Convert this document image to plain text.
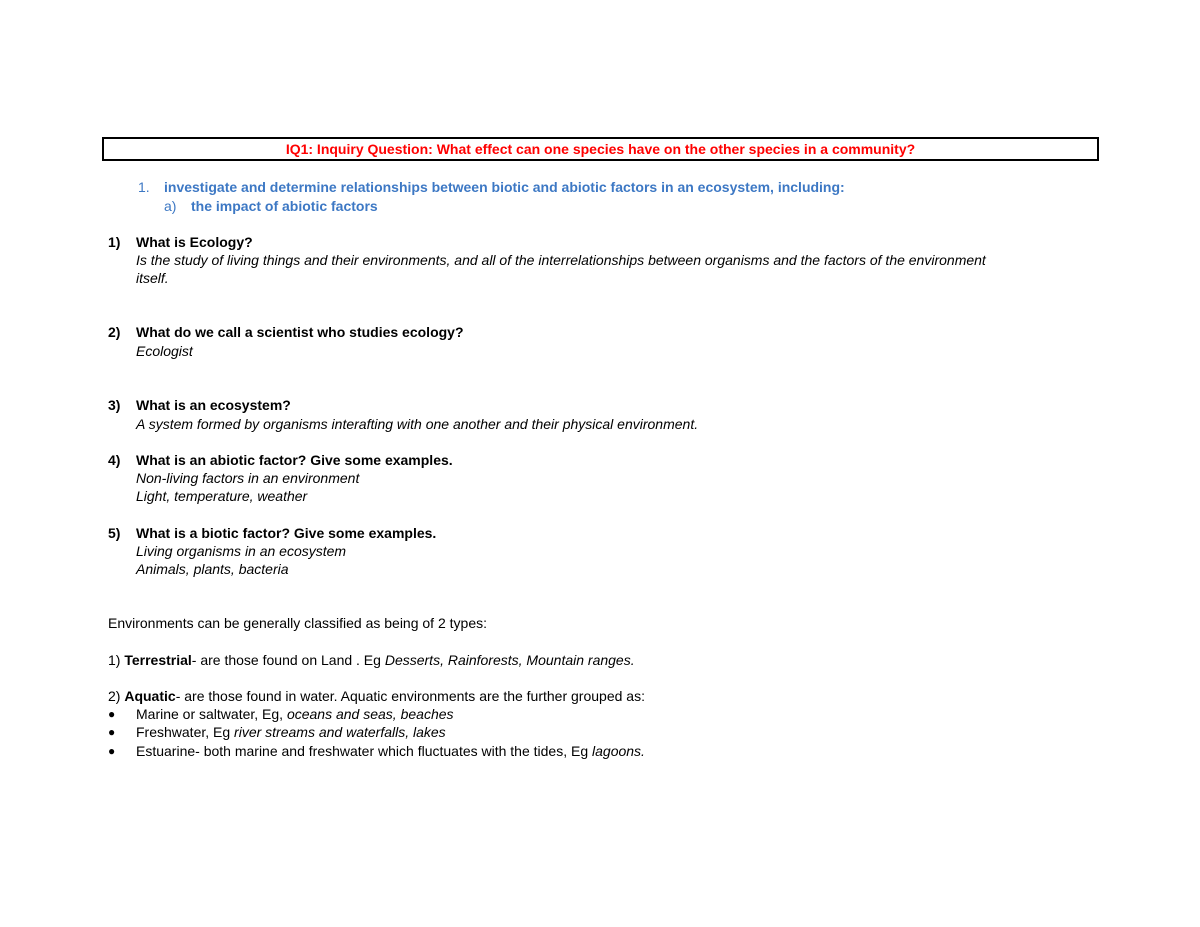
IQ1: Inquiry Question: What effect can one species have on the other species in a community?
1. investigate and determine relationships between biotic and abiotic factors in an ecosystem, including:
a) the impact of abiotic factors
1) What is Ecology?
Is the study of living things and their environments, and all of the interrelationships between organisms and the factors of the environment
itself.
2) What do we call a scientist who studies ecology?
Ecologist
3) What is an ecosystem?
A system formed by organisms interafting with one another and their physical environment.
4) What is an abiotic factor? Give some examples.
Non-living factors in an environment
Light, temperature, weather
5) What is a biotic factor? Give some examples.
Living organisms in an ecosystem
Animals, plants, bacteria
Environments can be generally classified as being of 2 types:
1) Terrestrial- are those found on Land . Eg Desserts, Rainforests, Mountain ranges.
2) Aquatic- are those found in water. Aquatic environments are the further grouped as:
● Marine or saltwater, Eg, oceans and seas, beaches
● Freshwater, Eg river streams and waterfalls, lakes
● Estuarine- both marine and freshwater which fluctuates with the tides, Eg lagoons.
